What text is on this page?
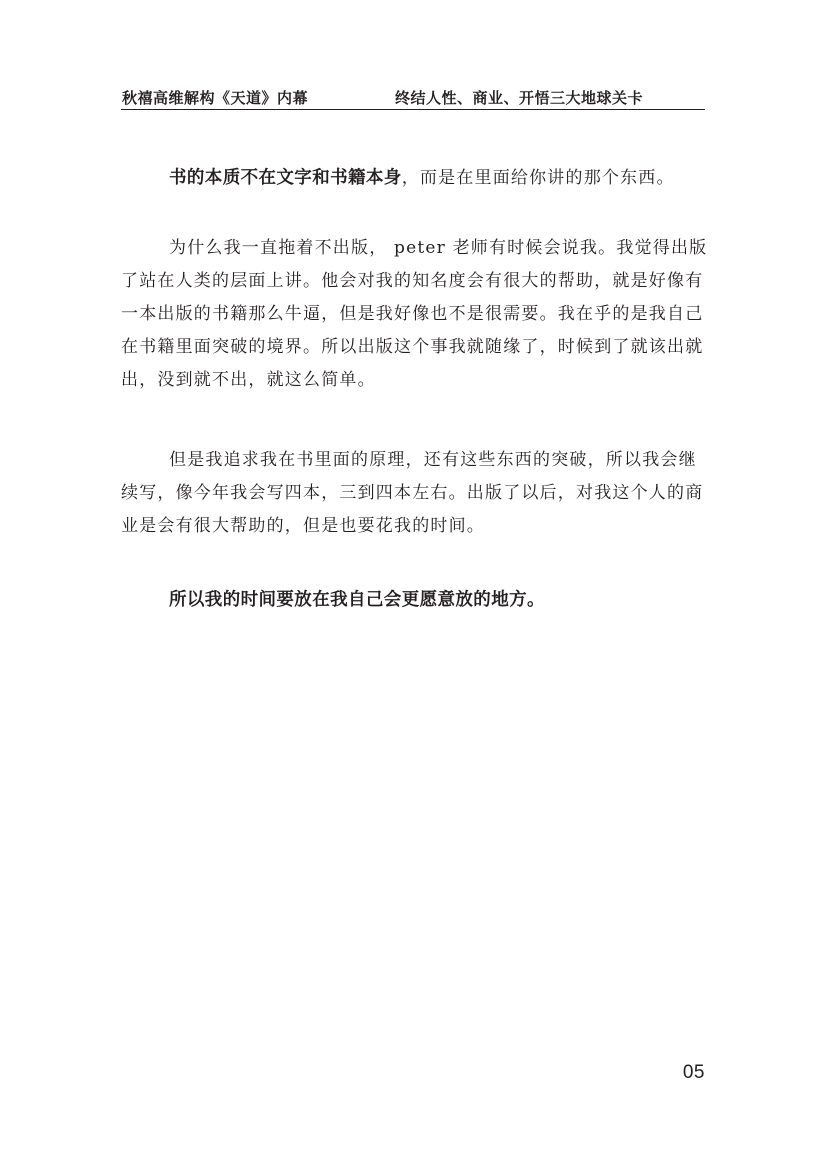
秋禧高维解构《天道》内幕	终结人性、商业、开悟三大地球关卡

书的本质不在文字和书籍本身，而是在里面给你讲的那个东西。

为什么我一直拖着不出版， peter 老师有时候会说我。我觉得出版了站在人类的层面上讲。他会对我的知名度会有很大的帮助，就是好像有一本出版的书籍那么牛逼，但是我好像也不是很需要。我在乎的是我自己在书籍里面突破的境界。所以出版这个事我就随缘了，时候到了就该出就出，没到就不出，就这么简单。

但是我追求我在书里面的原理，还有这些东西的突破，所以我会继续写，像今年我会写四本，三到四本左右。出版了以后，对我这个人的商业是会有很大帮助的，但是也要花我的时间。

所以我的时间要放在我自己会更愿意放的地方。

05
